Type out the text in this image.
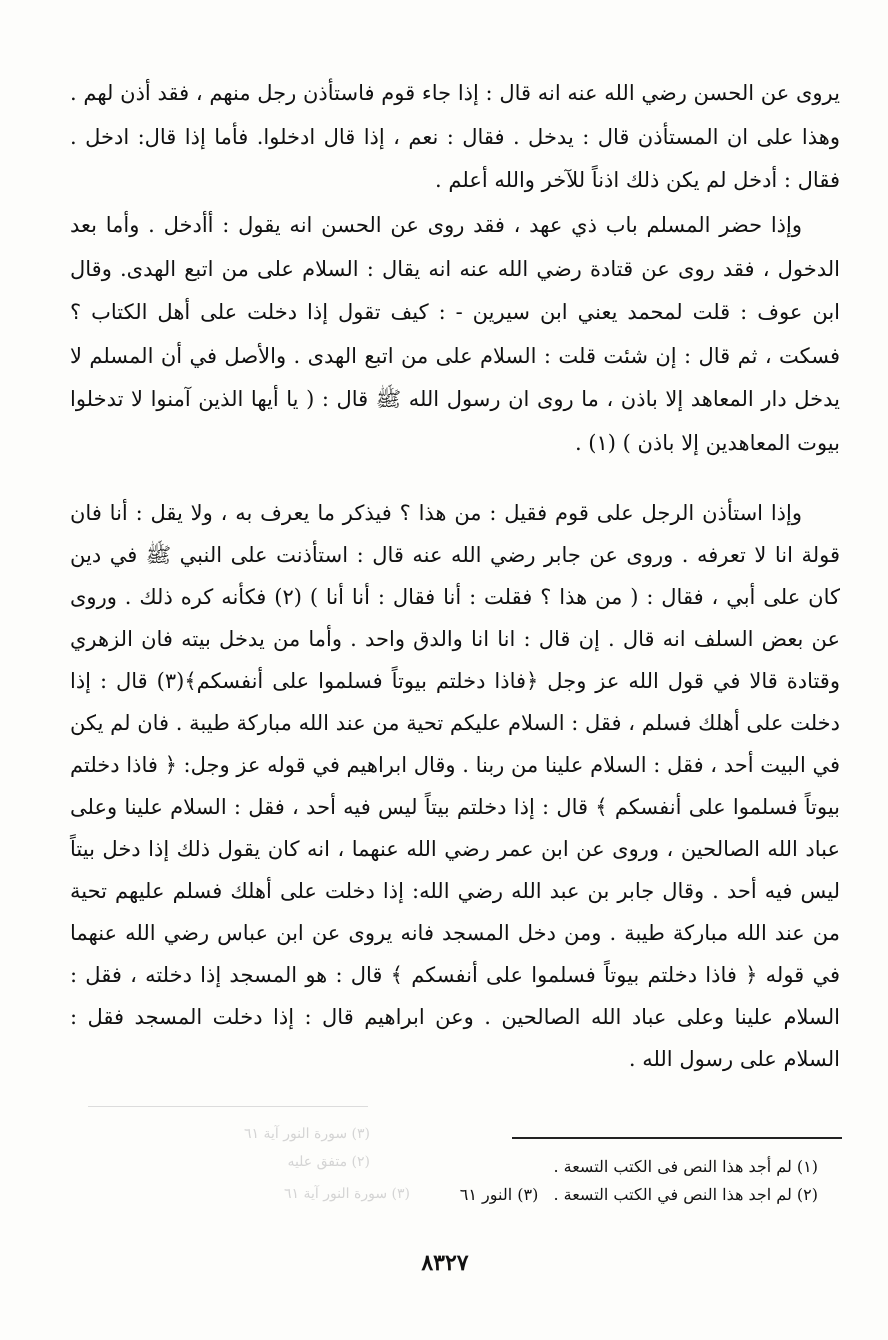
يروى عن الحسن رضي الله عنه انه قال : إذا جاء قوم فاستأذن رجل منهم ، فقد أذن لهم . وهذا على ان المستأذن قال : يدخل . فقال : نعم ، إذا قال ادخلوا. فأما إذا قال: ادخل . فقال : أدخل لم يكن ذلك اذناً للآخر والله أعلم .

وإذا حضر المسلم باب ذي عهد ، فقد روى عن الحسن انه يقول : أأدخل . وأما بعد الدخول ، فقد روى عن قتادة رضي الله عنه انه يقال : السلام على من اتبع الهدى. وقال ابن عوف : قلت لمحمد يعني ابن سيرين - : كيف تقول إذا دخلت على أهل الكتاب ؟ فسكت ، ثم قال : إن شئت قلت : السلام على من اتبع الهدى . والأصل في أن المسلم لا يدخل دار المعاهد إلا باذن ، ما روى ان رسول الله ﷺ قال : ( يا أيها الذين آمنوا لا تدخلوا بيوت المعاهدين إلا باذن ) (١) .

وإذا استأذن الرجل على قوم فقيل : من هذا ؟ فيذكر ما يعرف به ، ولا يقل : أنا فان قولة انا لا تعرفه . وروى عن جابر رضي الله عنه قال : استأذنت على النبي ﷺ في دين كان على أبي ، فقال : ( من هذا ؟ فقلت : أنا فقال : أنا أنا ) (٢) فكأنه كره ذلك . وروى عن بعض السلف انه قال . إن قال : انا انا والدق واحد . وأما من يدخل بيته فان الزهري وقتادة قالا في قول الله عز وجل ﴿فاذا دخلتم بيوتاً فسلموا على أنفسكم﴾(٣) قال : إذا دخلت على أهلك فسلم ، فقل : السلام عليكم تحية من عند الله مباركة طيبة . فان لم يكن في البيت أحد ، فقل : السلام علينا من ربنا . وقال ابراهيم في قوله عز وجل: ﴿ فاذا دخلتم بيوتاً فسلموا على أنفسكم ﴾ قال : إذا دخلتم بيتاً ليس فيه أحد ، فقل : السلام علينا وعلى عباد الله الصالحين ، وروى عن ابن عمر رضي الله عنهما ، انه كان يقول ذلك إذا دخل بيتاً ليس فيه أحد . وقال جابر بن عبد الله رضي الله: إذا دخلت على أهلك فسلم عليهم تحية من عند الله مباركة طيبة . ومن دخل المسجد فانه يروى عن ابن عباس رضي الله عنهما في قوله ﴿ فاذا دخلتم بيوتاً فسلموا على أنفسكم ﴾ قال : هو المسجد إذا دخلته ، فقل : السلام علينا وعلى عباد الله الصالحين . وعن ابراهيم قال : إذا دخلت المسجد فقل : السلام على رسول الله .

(٣) سورة النور آية ٦١
(٢) متفق عليه
(٣) سورة النور آية ٦١
(١) لم أجد هذا النص فى الكتب التسعة .
(٢) لم اجد هذا النص في الكتب التسعة . (٣) النور ٦١
٨٣٢٧
